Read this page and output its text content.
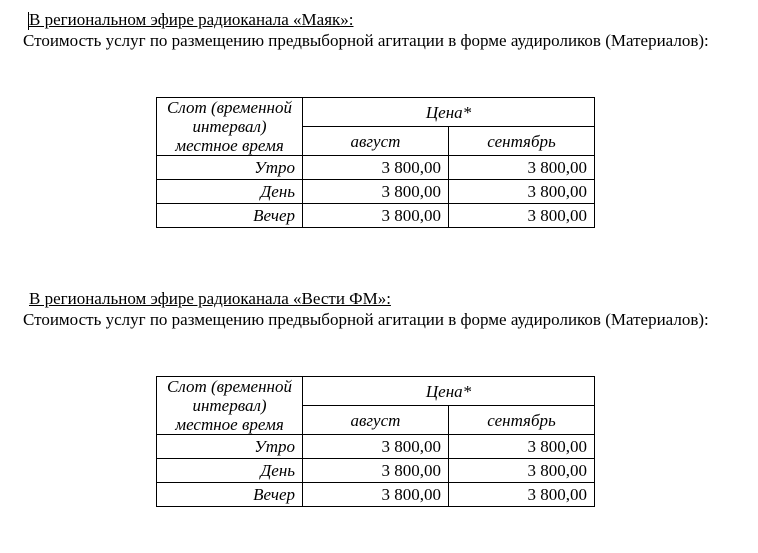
В региональном эфире радиоканала «Маяк»:
Стоимость услуг по размещению предвыборной агитации в форме аудироликов (Материалов):
Слот (временной интервал) местное время	Цена*	
	август	сентябрь
Утро	3 800,00	3 800,00
День	3 800,00	3 800,00
Вечер	3 800,00	3 800,00
В региональном эфире радиоканала «Вести ФМ»:
Стоимость услуг по размещению предвыборной агитации в форме аудироликов (Материалов):
Слот (временной интервал) местное время	Цена*	
	август	сентябрь
Утро	3 800,00	3 800,00
День	3 800,00	3 800,00
Вечер	3 800,00	3 800,00
